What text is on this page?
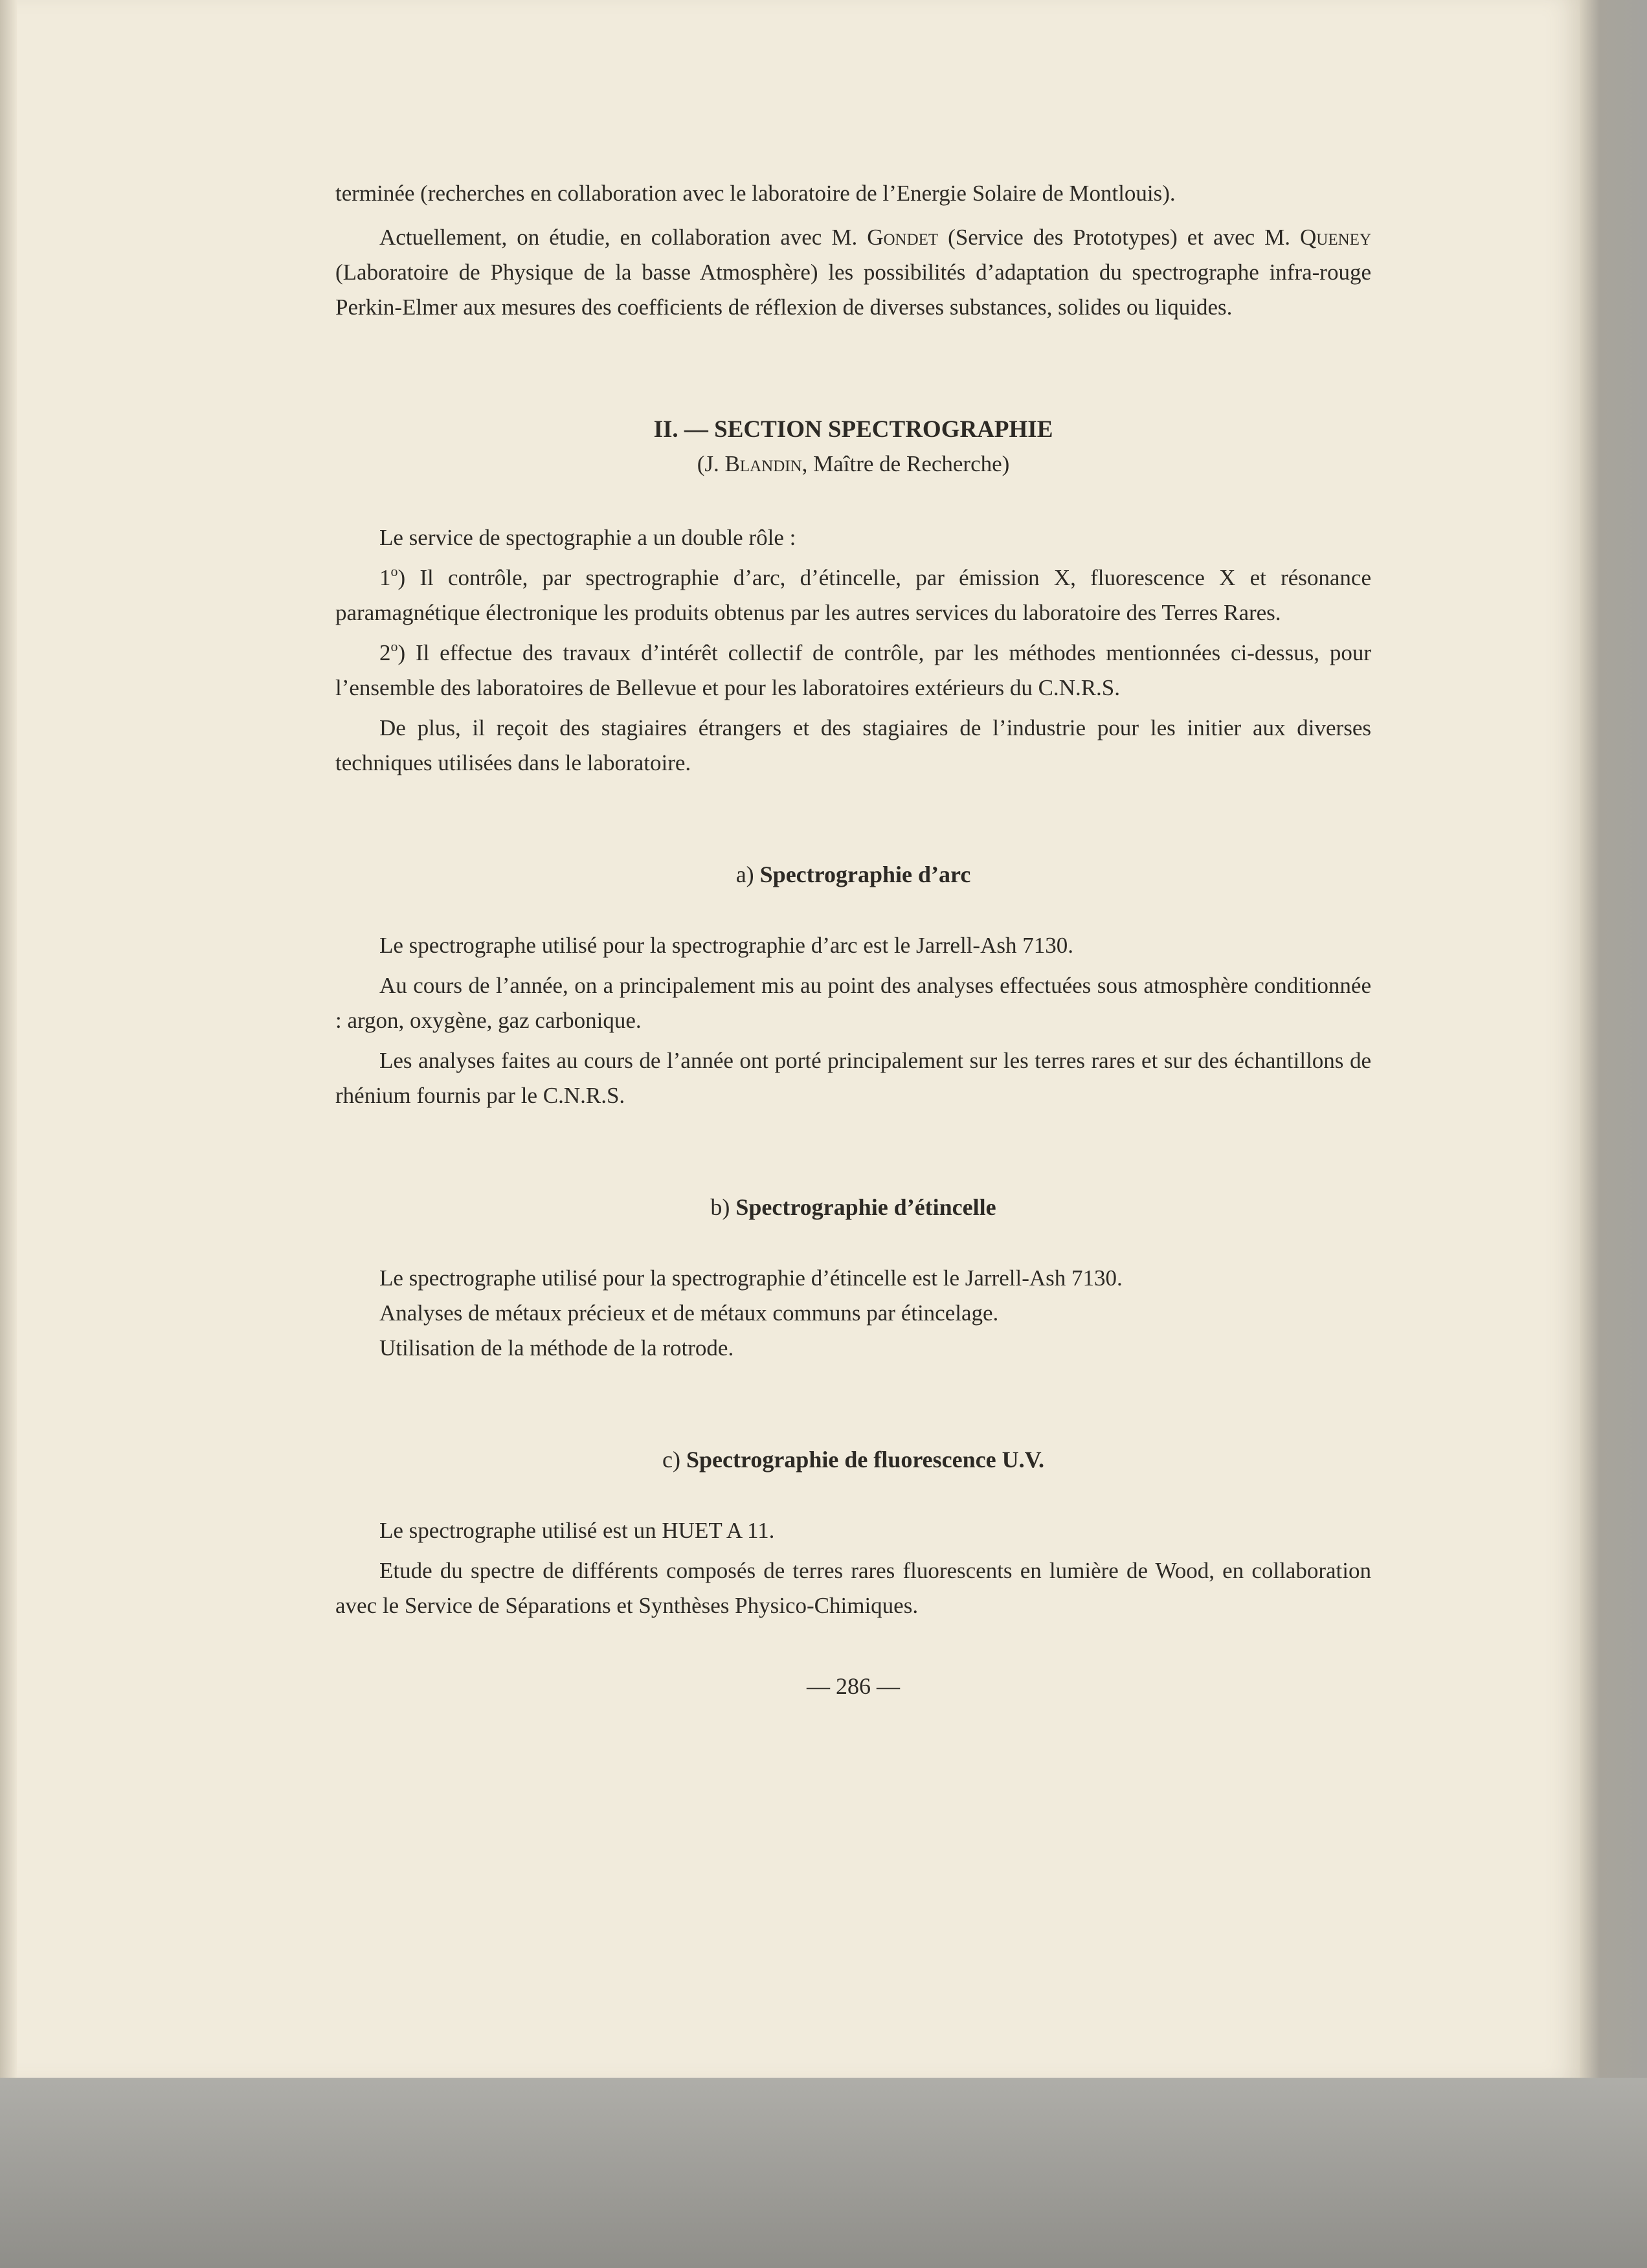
terminée (recherches en collaboration avec le laboratoire de l’Energie Solaire de Montlouis).

Actuellement, on étudie, en collaboration avec M. Gondet (Service des Prototypes) et avec M. Queney (Laboratoire de Physique de la basse Atmosphère) les possibilités d’adaptation du spectrographe infra-rouge Perkin-Elmer aux mesures des coefficients de réflexion de diverses substances, solides ou liquides.

II. — SECTION SPECTROGRAPHIE

(J. Blandin, Maître de Recherche)

Le service de spectographie a un double rôle :

1$^o$) Il contrôle, par spectrographie d’arc, d’étincelle, par émission X, fluorescence X et résonance paramagnétique électronique les produits obtenus par les autres services du laboratoire des Terres Rares.

2$^o$) Il effectue des travaux d’intérêt collectif de contrôle, par les méthodes mentionnées ci-dessus, pour l’ensemble des laboratoires de Bellevue et pour les laboratoires extérieurs du C.N.R.S.

De plus, il reçoit des stagiaires étrangers et des stagiaires de l’industrie pour les initier aux diverses techniques utilisées dans le laboratoire.

a) Spectrographie d’arc

Le spectrographe utilisé pour la spectrographie d’arc est le Jarrell-Ash 7130.

Au cours de l’année, on a principalement mis au point des analyses effectuées sous atmosphère conditionnée : argon, oxygène, gaz carbonique.

Les analyses faites au cours de l’année ont porté principalement sur les terres rares et sur des échantillons de rhénium fournis par le C.N.R.S.

b) Spectrographie d’étincelle

Le spectrographe utilisé pour la spectrographie d’étincelle est le Jarrell-Ash 7130.

Analyses de métaux précieux et de métaux communs par étincelage.

Utilisation de la méthode de la rotrode.

c) Spectrographie de fluorescence U.V.

Le spectrographe utilisé est un HUET A 11.

Etude du spectre de différents composés de terres rares fluorescents en lumière de Wood, en collaboration avec le Service de Séparations et Synthèses Physico-Chimiques.

— 286 —
